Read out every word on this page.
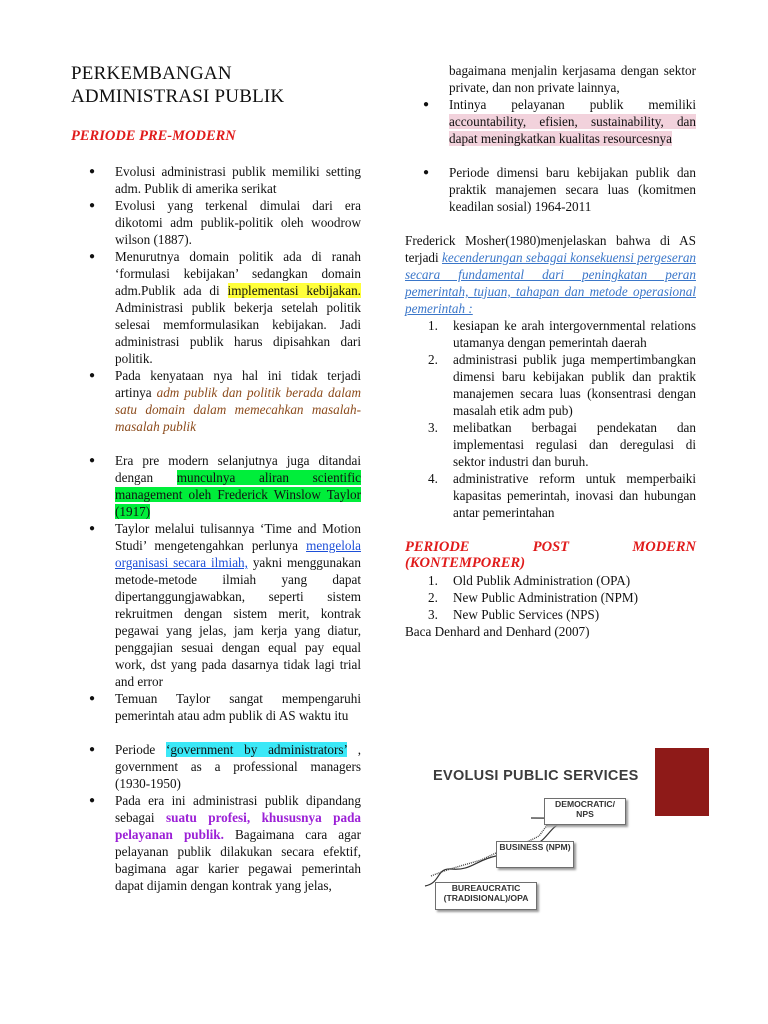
PERKEMBANGAN
ADMINISTRASI PUBLIK
PERIODE PRE-MODERN
● Evolusi administrasi publik memiliki setting adm. Publik di amerika serikat
● Evolusi yang terkenal dimulai dari era dikotomi adm publik-politik oleh woodrow wilson (1887).
● Menurutnya domain politik ada di ranah ‘formulasi kebijakan’ sedangkan domain adm.Publik ada di implementasi kebijakan. Administrasi publik bekerja setelah politik selesai memformulasikan kebijakan. Jadi administrasi publik harus dipisahkan dari politik.
● Pada kenyataan nya hal ini tidak terjadi artinya adm publik dan politik berada dalam satu domain dalam memecahkan masalah-masalah publik
● Era pre modern selanjutnya juga ditandai dengan munculnya aliran scientific management oleh Frederick Winslow Taylor (1917)
● Taylor melalui tulisannya ‘Time and Motion Studi’ mengetengahkan perlunya mengelola organisasi secara ilmiah, yakni menggunakan metode-metode ilmiah yang dapat dipertanggungjawabkan, seperti sistem rekruitmen dengan sistem merit, kontrak pegawai yang jelas, jam kerja yang diatur, penggajian sesuai dengan equal pay equal work, dst yang pada dasarnya tidak lagi trial and error
● Temuan Taylor sangat mempengaruhi pemerintah atau adm publik di AS waktu itu
● Periode ‘government by administrators’ , government as a professional managers (1930-1950)
● Pada era ini administrasi publik dipandang sebagai suatu profesi, khususnya pada pelayanan publik. Bagaimana cara agar pelayanan publik dilakukan secara efektif, bagimana agar karier pegawai pemerintah dapat dijamin dengan kontrak yang jelas,
bagaimana menjalin kerjasama dengan sektor private, dan non private lainnya,
● Intinya pelayanan publik memiliki accountability, efisien, sustainability, dan dapat meningkatkan kualitas resourcesnya
● Periode dimensi baru kebijakan publik dan praktik manajemen secara luas (komitmen keadilan sosial) 1964-2011
Frederick Mosher(1980)menjelaskan bahwa di AS terjadi kecenderungan sebagai konsekuensi pergeseran secara fundamental dari peningkatan peran pemerintah, tujuan, tahapan dan metode operasional pemerintah :
1. kesiapan ke arah intergovernmental relations utamanya dengan pemerintah daerah
2. administrasi publik juga mempertimbangkan dimensi baru kebijakan publik dan praktik manajemen secara luas (konsentrasi dengan masalah etik adm pub)
3. melibatkan berbagai pendekatan dan implementasi regulasi dan deregulasi di sektor industri dan buruh.
4. administrative reform untuk memperbaiki kapasitas pemerintah, inovasi dan hubungan antar pemerintahan
PERIODE POST MODERN
(KONTEMPORER)
1. Old Publik Administration (OPA)
2. New Public Administration (NPM)
3. New Public Services (NPS)
Baca Denhard and Denhard (2007)
EVOLUSI PUBLIC SERVICES
DEMOCRATIC/ NPS
BUSINESS (NPM)
BUREAUCRATIC (TRADISIONAL)/OPA
